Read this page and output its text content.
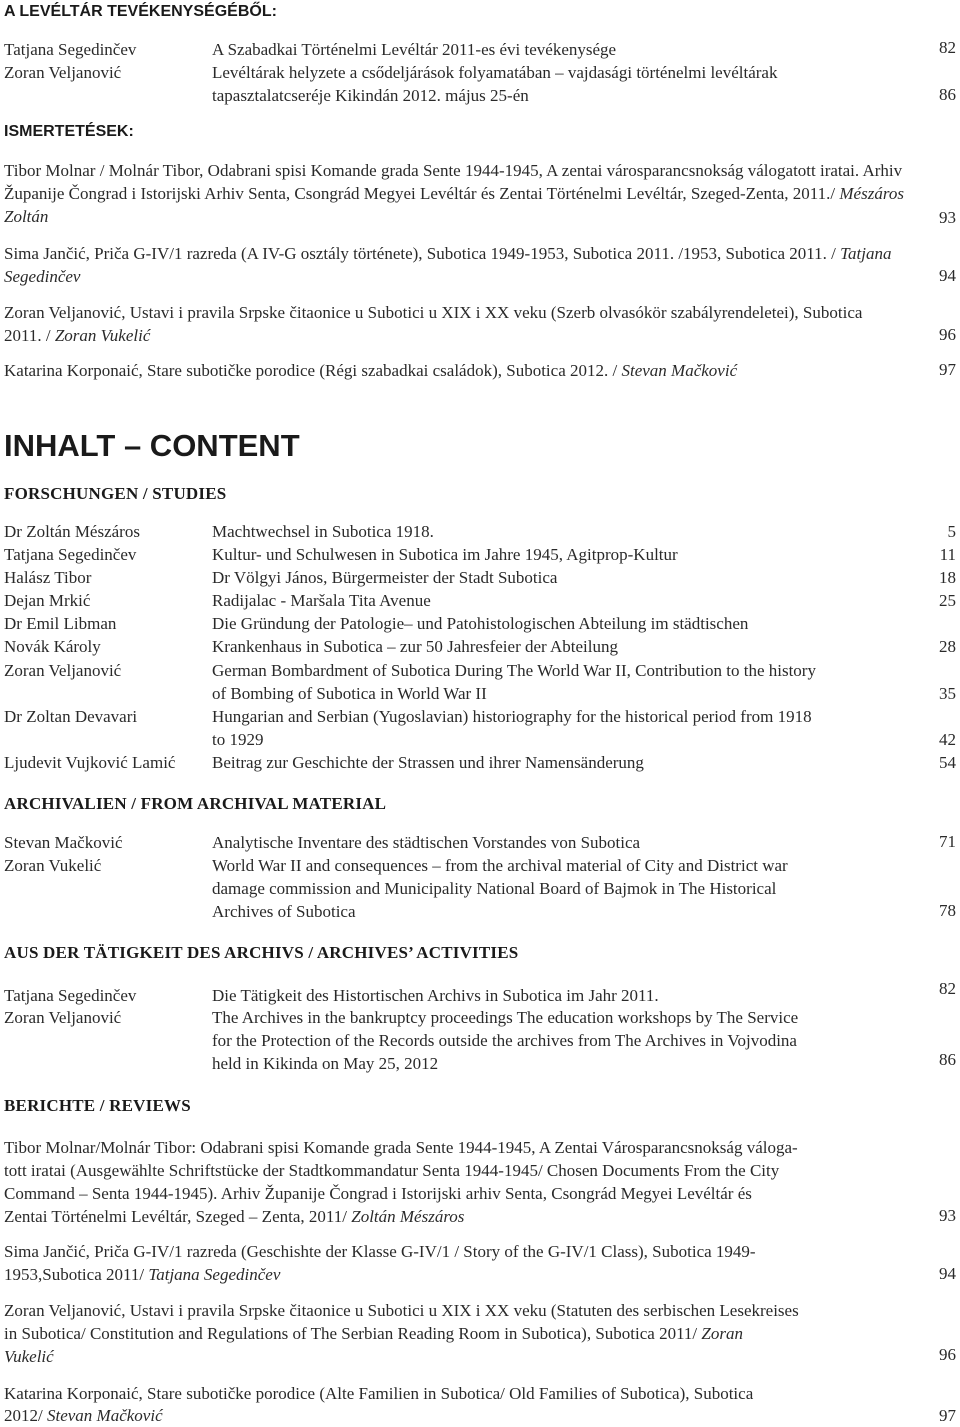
A LEVÉLTÁR TEVÉKENYSÉGÉBŐL:
Tatjana Segedinčev	A Szabadkai Történelmi Levéltár 2011-es évi tevékenysége	82
Zoran Veljanović	Levéltárak helyzete a csődeljárások folyamatában – vajdasági történelmi levéltárak
tapasztalatcseréje Kikindán 2012. május 25-én	86
ISMERTETÉSEK:
Tibor Molnar / Molnár Tibor, Odabrani spisi Komande grada Sente 1944-1945, A zentai városparancsnokság válogatott iratai. Arhiv Županije Čongrad i Istorijski Arhiv Senta, Csongrád Megyei Levéltár és Zentai Történelmi Levéltár, Szeged-Zenta, 2011./ Mészáros Zoltán	93
Sima Jančić, Priča G-IV/1 razreda (A IV-G osztály története), Subotica 1949-1953, Subotica 2011. /1953, Subotica 2011. / Tatjana Segedinčev	94
Zoran Veljanović, Ustavi i pravila Srpske čitaonice u Subotici u XIX i XX veku (Szerb olvasókör szabályrendeletei), Subotica 2011. / Zoran Vukelić	96
Katarina Korponaić, Stare subotičke porodice (Régi szabadkai családok), Subotica 2012. / Stevan Mačković	97
INHALT – CONTENT
FORSCHUNGEN / STUDIES
Dr Zoltán Mészáros	Machtwechsel in Subotica 1918.	5
Tatjana Segedinčev	Kultur- und Schulwesen in Subotica im Jahre 1945, Agitprop-Kultur	11
Halász Tibor	Dr Völgyi János, Bürgermeister der Stadt Subotica	18
Dejan Mrkić	Radijalac - Maršala Tita Avenue	25
Dr Emil Libman	Die Gründung der Patologie– und Patohistologischen Abteilung im städtischen
Novák Károly	Krankenhaus in Subotica – zur 50 Jahresfeier der Abteilung	28
Zoran Veljanović	German Bombardment of Subotica During The World War II, Contribution to the history
of Bombing of Subotica in World War II	35
Dr Zoltan Devavari	Hungarian and Serbian (Yugoslavian) historiography for the historical period from 1918
to 1929	42
Ljudevit Vujković Lamić Beitrag zur Geschichte der Strassen und ihrer Namensänderung	54
ARCHIVALIEN / FROM ARCHIVAL MATERIAL
Stevan Mačković	Analytische Inventare des städtischen Vorstandes von Subotica	71
Zoran Vukelić	World War II and consequences – from the archival material of City and District war
damage commission and Municipality National Board of Bajmok in The Historical
Archives of Subotica	78
AUS DER TÄTIGKEIT DES ARCHIVS / ARCHIVES’ ACTIVITIES
Tatjana Segedinčev	Die Tätigkeit des Histortischen Archivs in Subotica im Jahr 2011.	82
Zoran Veljanović	The Archives in the bankruptcy proceedings The education workshops by The Service
for the Protection of the Records outside the archives from The Archives in Vojvodina
held in Kikinda on May 25, 2012	86
BERICHTE / REVIEWS
Tibor Molnar/Molnár Tibor: Odabrani spisi Komande grada Sente 1944-1945, A Zentai Városparancsnokság váloga-
tott iratai (Ausgewählte Schriftstücke der Stadtkommandatur Senta 1944-1945/ Chosen Documents From the City
Command – Senta 1944-1945). Arhiv Županije Čongrad i Istorijski arhiv Senta, Csongrád Megyei Levéltár és
Zentai Történelmi Levéltár, Szeged – Zenta, 2011/ Zoltán Mészáros	93
Sima Jančić, Priča G-IV/1 razreda (Geschishte der Klasse G-IV/1 / Story of the G-IV/1 Class), Subotica 1949-
1953,Subotica 2011/ Tatjana Segedinčev	94
Zoran Veljanović, Ustavi i pravila Srpske čitaonice u Subotici u XIX i XX veku (Statuten des serbischen Lesekreises
in Subotica/ Constitution and Regulations of The Serbian Reading Room in Subotica), Subotica 2011/ Zoran
Vukelić	96
Katarina Korponaić, Stare subotičke porodice (Alte Familien in Subotica/ Old Families of Subotica), Subotica
2012/ Stevan Mačković	97
